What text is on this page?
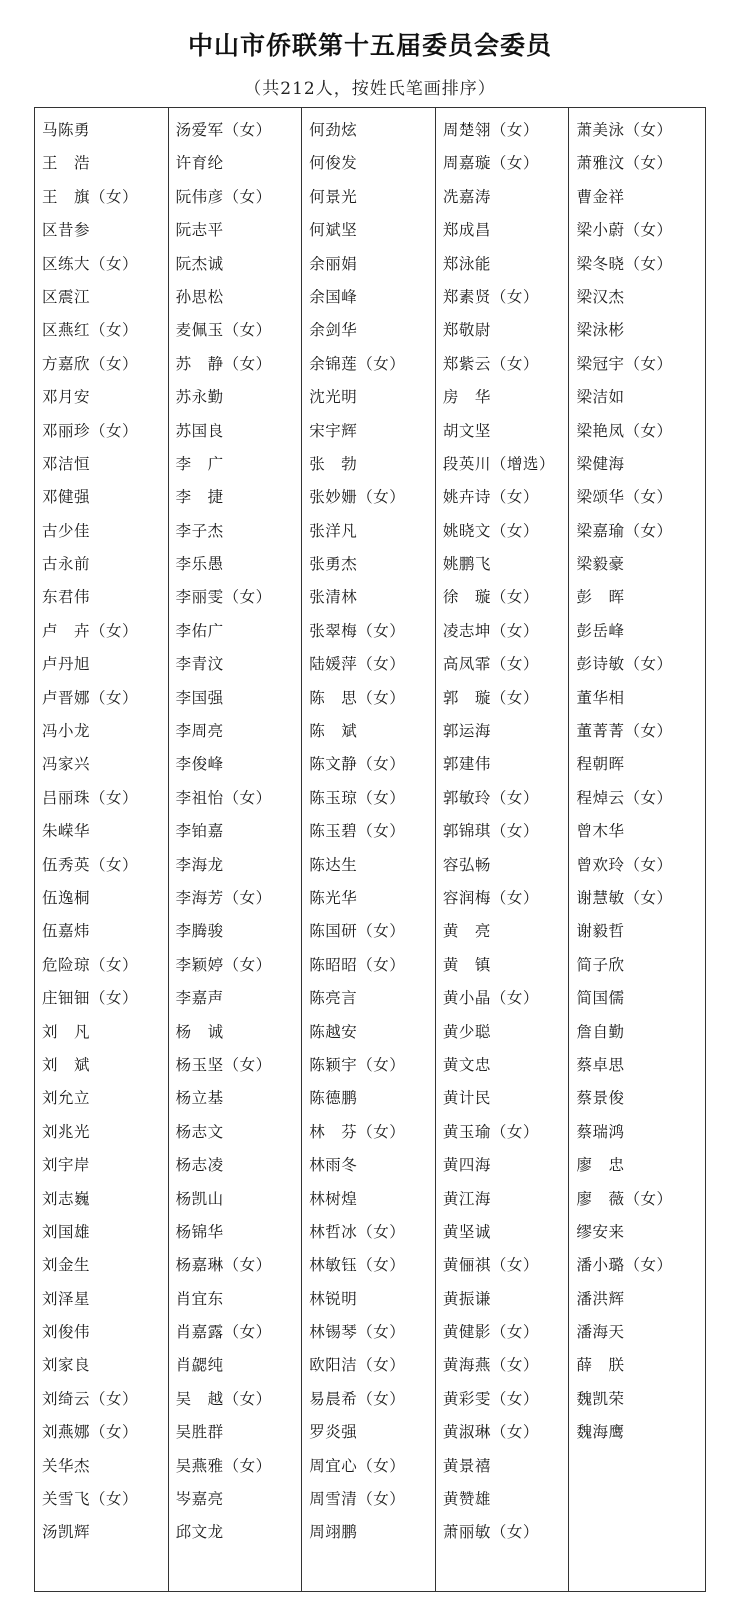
中山市侨联第十五届委员会委员
（共212人，按姓氏笔画排序）
马陈勇
王　浩
王　旗（女）
区昔参
区练大（女）
区震江
区燕红（女）
方嘉欣（女）
邓月安
邓丽珍（女）
邓洁恒
邓健强
古少佳
古永前
东君伟
卢　卉（女）
卢丹旭
卢晋娜（女）
冯小龙
冯家兴
吕丽珠（女）
朱嵘华
伍秀英（女）
伍逸桐
伍嘉炜
危险琼（女）
庄钿钿（女）
刘　凡
刘　斌
刘允立
刘兆光
刘宇岸
刘志巍
刘国雄
刘金生
刘泽星
刘俊伟
刘家良
刘绮云（女）
刘燕娜（女）
关华杰
关雪飞（女）
汤凯辉
汤爱军（女）
许育纶
阮伟彦（女）
阮志平
阮杰诚
孙思松
麦佩玉（女）
苏　静（女）
苏永勤
苏国良
李　广
李　捷
李子杰
李乐愚
李丽雯（女）
李佑广
李青汶
李国强
李周亮
李俊峰
李祖怡（女）
李铂嘉
李海龙
李海芳（女）
李腾骏
李颖婷（女）
李嘉声
杨　诚
杨玉坚（女）
杨立基
杨志文
杨志凌
杨凯山
杨锦华
杨嘉琳（女）
肖宜东
肖嘉露（女）
肖勰纯
吴　越（女）
吴胜群
吴燕雅（女）
岑嘉亮
邱文龙
何劲炫
何俊发
何景光
何斌坚
余丽娟
余国峰
余剑华
余锦莲（女）
沈光明
宋宇辉
张　勃
张妙姗（女）
张洋凡
张勇杰
张清林
张翠梅（女）
陆媛萍（女）
陈　思（女）
陈　斌
陈文静（女）
陈玉琼（女）
陈玉碧（女）
陈达生
陈光华
陈国研（女）
陈昭昭（女）
陈亮言
陈越安
陈颖宇（女）
陈德鹏
林　芬（女）
林雨冬
林树煌
林哲冰（女）
林敏钰（女）
林锐明
林锡琴（女）
欧阳洁（女）
易晨希（女）
罗炎强
周宜心（女）
周雪清（女）
周翊鹏
周楚翎（女）
周嘉璇（女）
冼嘉涛
郑成昌
郑泳能
郑素贤（女）
郑敬尉
郑紫云（女）
房　华
胡文坚
段英川（增选）
姚卉诗（女）
姚晓文（女）
姚鹏飞
徐　璇（女）
凌志坤（女）
高凤霏（女）
郭　璇（女）
郭运海
郭建伟
郭敏玲（女）
郭锦琪（女）
容弘畅
容润梅（女）
黄　亮
黄　镇
黄小晶（女）
黄少聪
黄文忠
黄计民
黄玉瑜（女）
黄四海
黄江海
黄坚诚
黄俪祺（女）
黄振谦
黄健影（女）
黄海燕（女）
黄彩雯（女）
黄淑琳（女）
黄景禧
黄赞雄
萧丽敏（女）
萧美泳（女）
萧雅汶（女）
曹金祥
梁小蔚（女）
梁冬晓（女）
梁汉杰
梁泳彬
梁冠宇（女）
梁洁如
梁艳凤（女）
梁健海
梁颂华（女）
梁嘉瑜（女）
梁毅豪
彭　晖
彭岳峰
彭诗敏（女）
董华相
董菁菁（女）
程朝晖
程焯云（女）
曾木华
曾欢玲（女）
谢慧敏（女）
谢毅哲
简子欣
简国儒
詹自勤
蔡卓思
蔡景俊
蔡瑞鸿
廖　忠
廖　薇（女）
缪安来
潘小璐（女）
潘洪辉
潘海天
薛　朕
魏凯荣
魏海鹰
